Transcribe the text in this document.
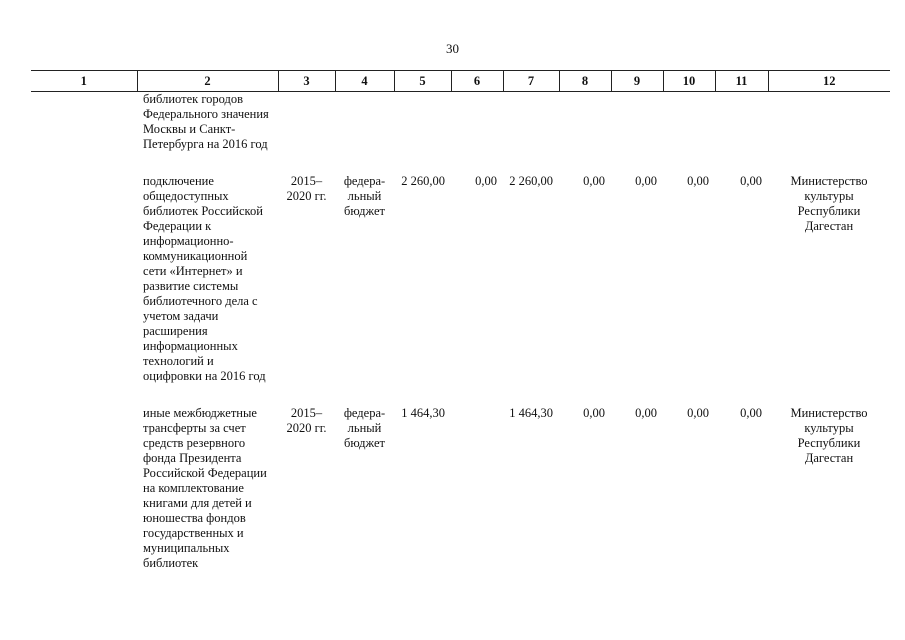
30
1	2	3	4	5	6	7	8	9	10	11	12
	библиотек городов Федерального значения Москвы и Санкт-Петербурга на 2016 год										

	подключение общедоступных библиотек Российской Федерации к информационно-коммуникационной сети «Интернет» и развитие системы библиотечного дела с учетом задачи расширения информационных технологий и оцифровки на 2016 год	2015–2020 гг.	федера-льный бюджет	2 260,00	0,00	2 260,00	0,00	0,00	0,00	0,00	Министерство культуры Республики Дагестан

	иные межбюджетные трансферты за счет средств резервного фонда Президента Российской Федерации на комплектование книгами для детей и юношества фондов государственных и муниципальных библиотек	2015–2020 гг.	федера-льный бюджет	1 464,30		1 464,30	0,00	0,00	0,00	0,00	Министерство культуры Республики Дагестан
